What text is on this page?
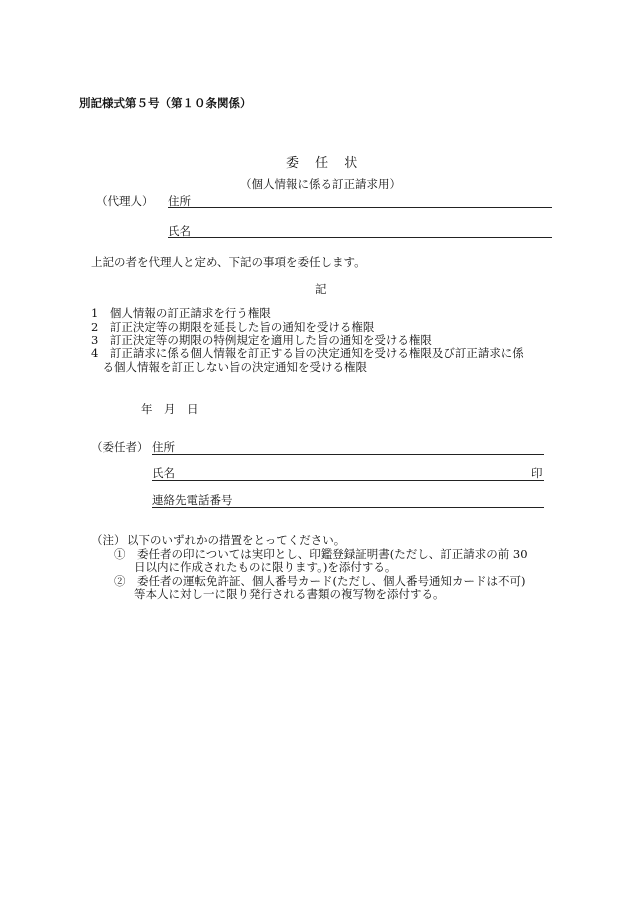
別記様式第５号（第１０条関係）
委 任 状
（個人情報に係る訂正請求用）
（代理人） 住所
氏名
上記の者を代理人と定め、下記の事項を委任します。
記
1　個人情報の訂正請求を行う権限
2　訂正決定等の期限を延長した旨の通知を受ける権限
3　訂正決定等の期限の特例規定を適用した旨の通知を受ける権限
4　訂正請求に係る個人情報を訂正する旨の決定通知を受ける権限及び訂正請求に係
　る個人情報を訂正しない旨の決定通知を受ける権限
年　月　日
（委任者） 住所
氏名	印
連絡先電話番号
（注） 以下のいずれかの措置をとってください。
①　委任者の印については実印とし、印鑑登録証明書(ただし、訂正請求の前 30
日以内に作成されたものに限ります。)を添付する。
②　委任者の運転免許証、個人番号カード(ただし、個人番号通知カードは不可)
等本人に対し一に限り発行される書類の複写物を添付する。
